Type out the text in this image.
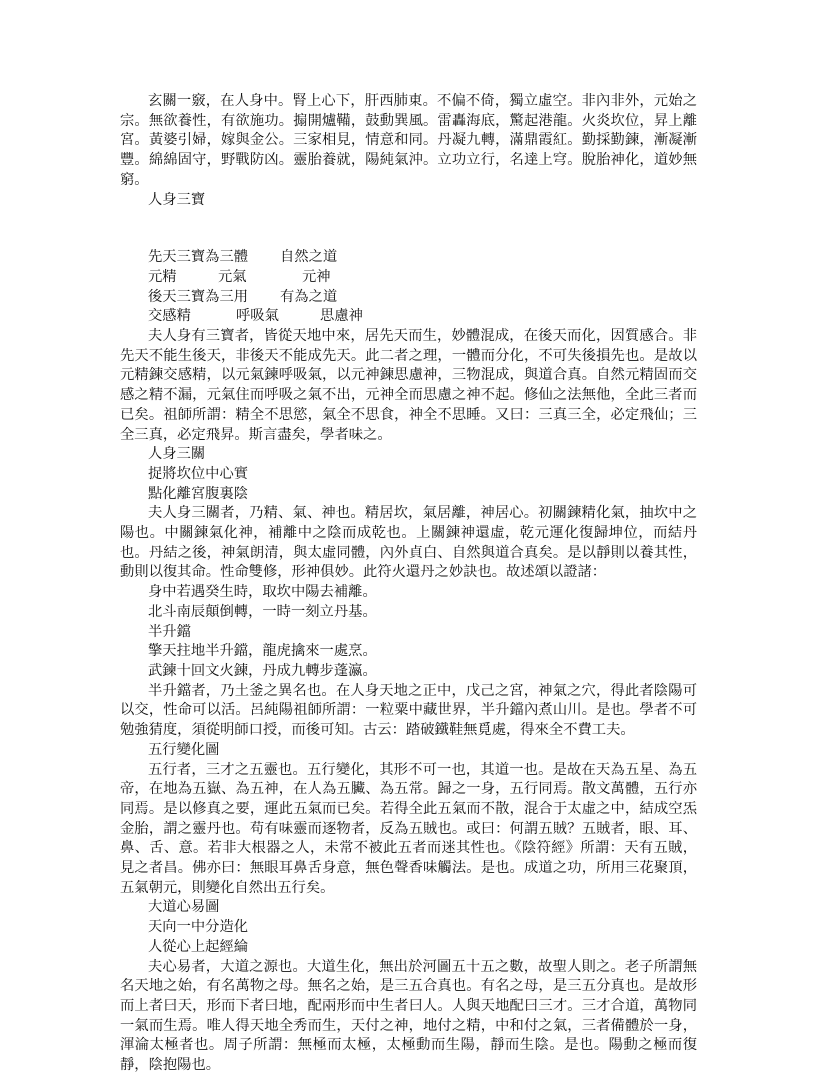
玄關一竅，在人身中。腎上心下，肝西肺東。不偏不倚，獨立虛空。非內非外，元始之宗。無欲養性，有欲施功。搧開爐鞴，鼓動巽風。雷轟海底，驚起港龍。火炎坎位，昇上離宮。黃婆引婦，嫁與金公。三家相見，情意和同。丹凝九轉，滿鼎霞紅。勤採勤鍊，漸凝漸豐。綿綿固守，野戰防凶。靈胎養就，陽純氣沖。立功立行，名達上穹。脫胎神化，道妙無窮。

人身三寶

先天三寶為三體	自然之道
元精	元氣	元神
後天三寶為三用	有為之道
交感精	呼吸氣	思慮神

夫人身有三寶者，皆從天地中來，居先天而生，妙體混成，在後天而化，因質感合。非先天不能生後天，非後天不能成先天。此二者之理，一體而分化，不可失後損先也。是故以元精鍊交感精，以元氣鍊呼吸氣，以元神鍊思慮神，三物混成，與道合真。自然元精固而交感之精不漏，元氣住而呼吸之氣不出，元神全而思慮之神不起。修仙之法無他，全此三者而已矣。祖師所謂：精全不思慾，氣全不思食，神全不思睡。又曰：三真三全，必定飛仙；三全三真，必定飛昇。斯言盡矣，學者味之。

人身三關

捉將坎位中心實

點化離宮腹裏陰

夫人身三關者，乃精、氣、神也。精居坎，氣居離，神居心。初關鍊精化氣，抽坎中之陽也。中關鍊氣化神，補離中之陰而成乾也。上關鍊神還虛，乾元運化復歸坤位，而結丹也。丹結之後，神氣朗清，與太虛同體，內外貞白、自然與道合真矣。是以靜則以養其性，動則以復其命。性命雙修，形神俱妙。此符火還丹之妙訣也。故述頌以證諸：

身中若遇癸生時，取坎中陽去補離。

北斗南辰顛倒轉，一時一刻立丹基。

半升鐺

擎天拄地半升鐺，龍虎擒來一處烹。

武鍊十回文火鍊，丹成九轉步蓬瀛。

半升鐺者，乃土釜之異名也。在人身天地之正中，戊己之宮，神氣之穴，得此者陰陽可以交，性命可以活。呂純陽祖師所謂：一粒粟中藏世界，半升鐺內煮山川。是也。學者不可勉強猜度，須從明師口授，而後可知。古云：踏破鐵鞋無覓處，得來全不費工夫。

五行變化圖

五行者，三才之五靈也。五行變化，其形不可一也，其道一也。是故在天為五星、為五帝，在地為五嶽、為五神，在人為五臟、為五常。歸之一身，五行同焉。散文萬體，五行亦同焉。是以修真之要，運此五氣而已矣。若得全此五氣而不散，混合于太虛之中，結成空炁金胎，謂之靈丹也。苟有味靈而逐物者，反為五賊也。或曰：何謂五賊？五賊者，眼、耳、鼻、舌、意。若非大根器之人，未常不被此五者而迷其性也。《陰符經》所謂：天有五賊，見之者昌。佛亦曰：無眼耳鼻舌身意，無色聲香味觸法。是也。成道之功，所用三花聚頂，五氣朝元，則變化自然出五行矣。

大道心易圖

天向一中分造化

人從心上起經綸

夫心易者，大道之源也。大道生化，無出於河圖五十五之數，故聖人則之。老子所謂無名天地之始，有名萬物之母。無名之始，是三五合真也。有名之母，是三五分真也。是故形而上者曰天，形而下者曰地，配兩形而中生者曰人。人與天地配曰三才。三才合道，萬物同一氣而生焉。唯人得天地全秀而生，天付之神，地付之精，中和付之氣，三者備體於一身，渾淪太極者也。周子所謂：無極而太極，太極動而生陽，靜而生陰。是也。陽動之極而復靜，陰抱陽也。
